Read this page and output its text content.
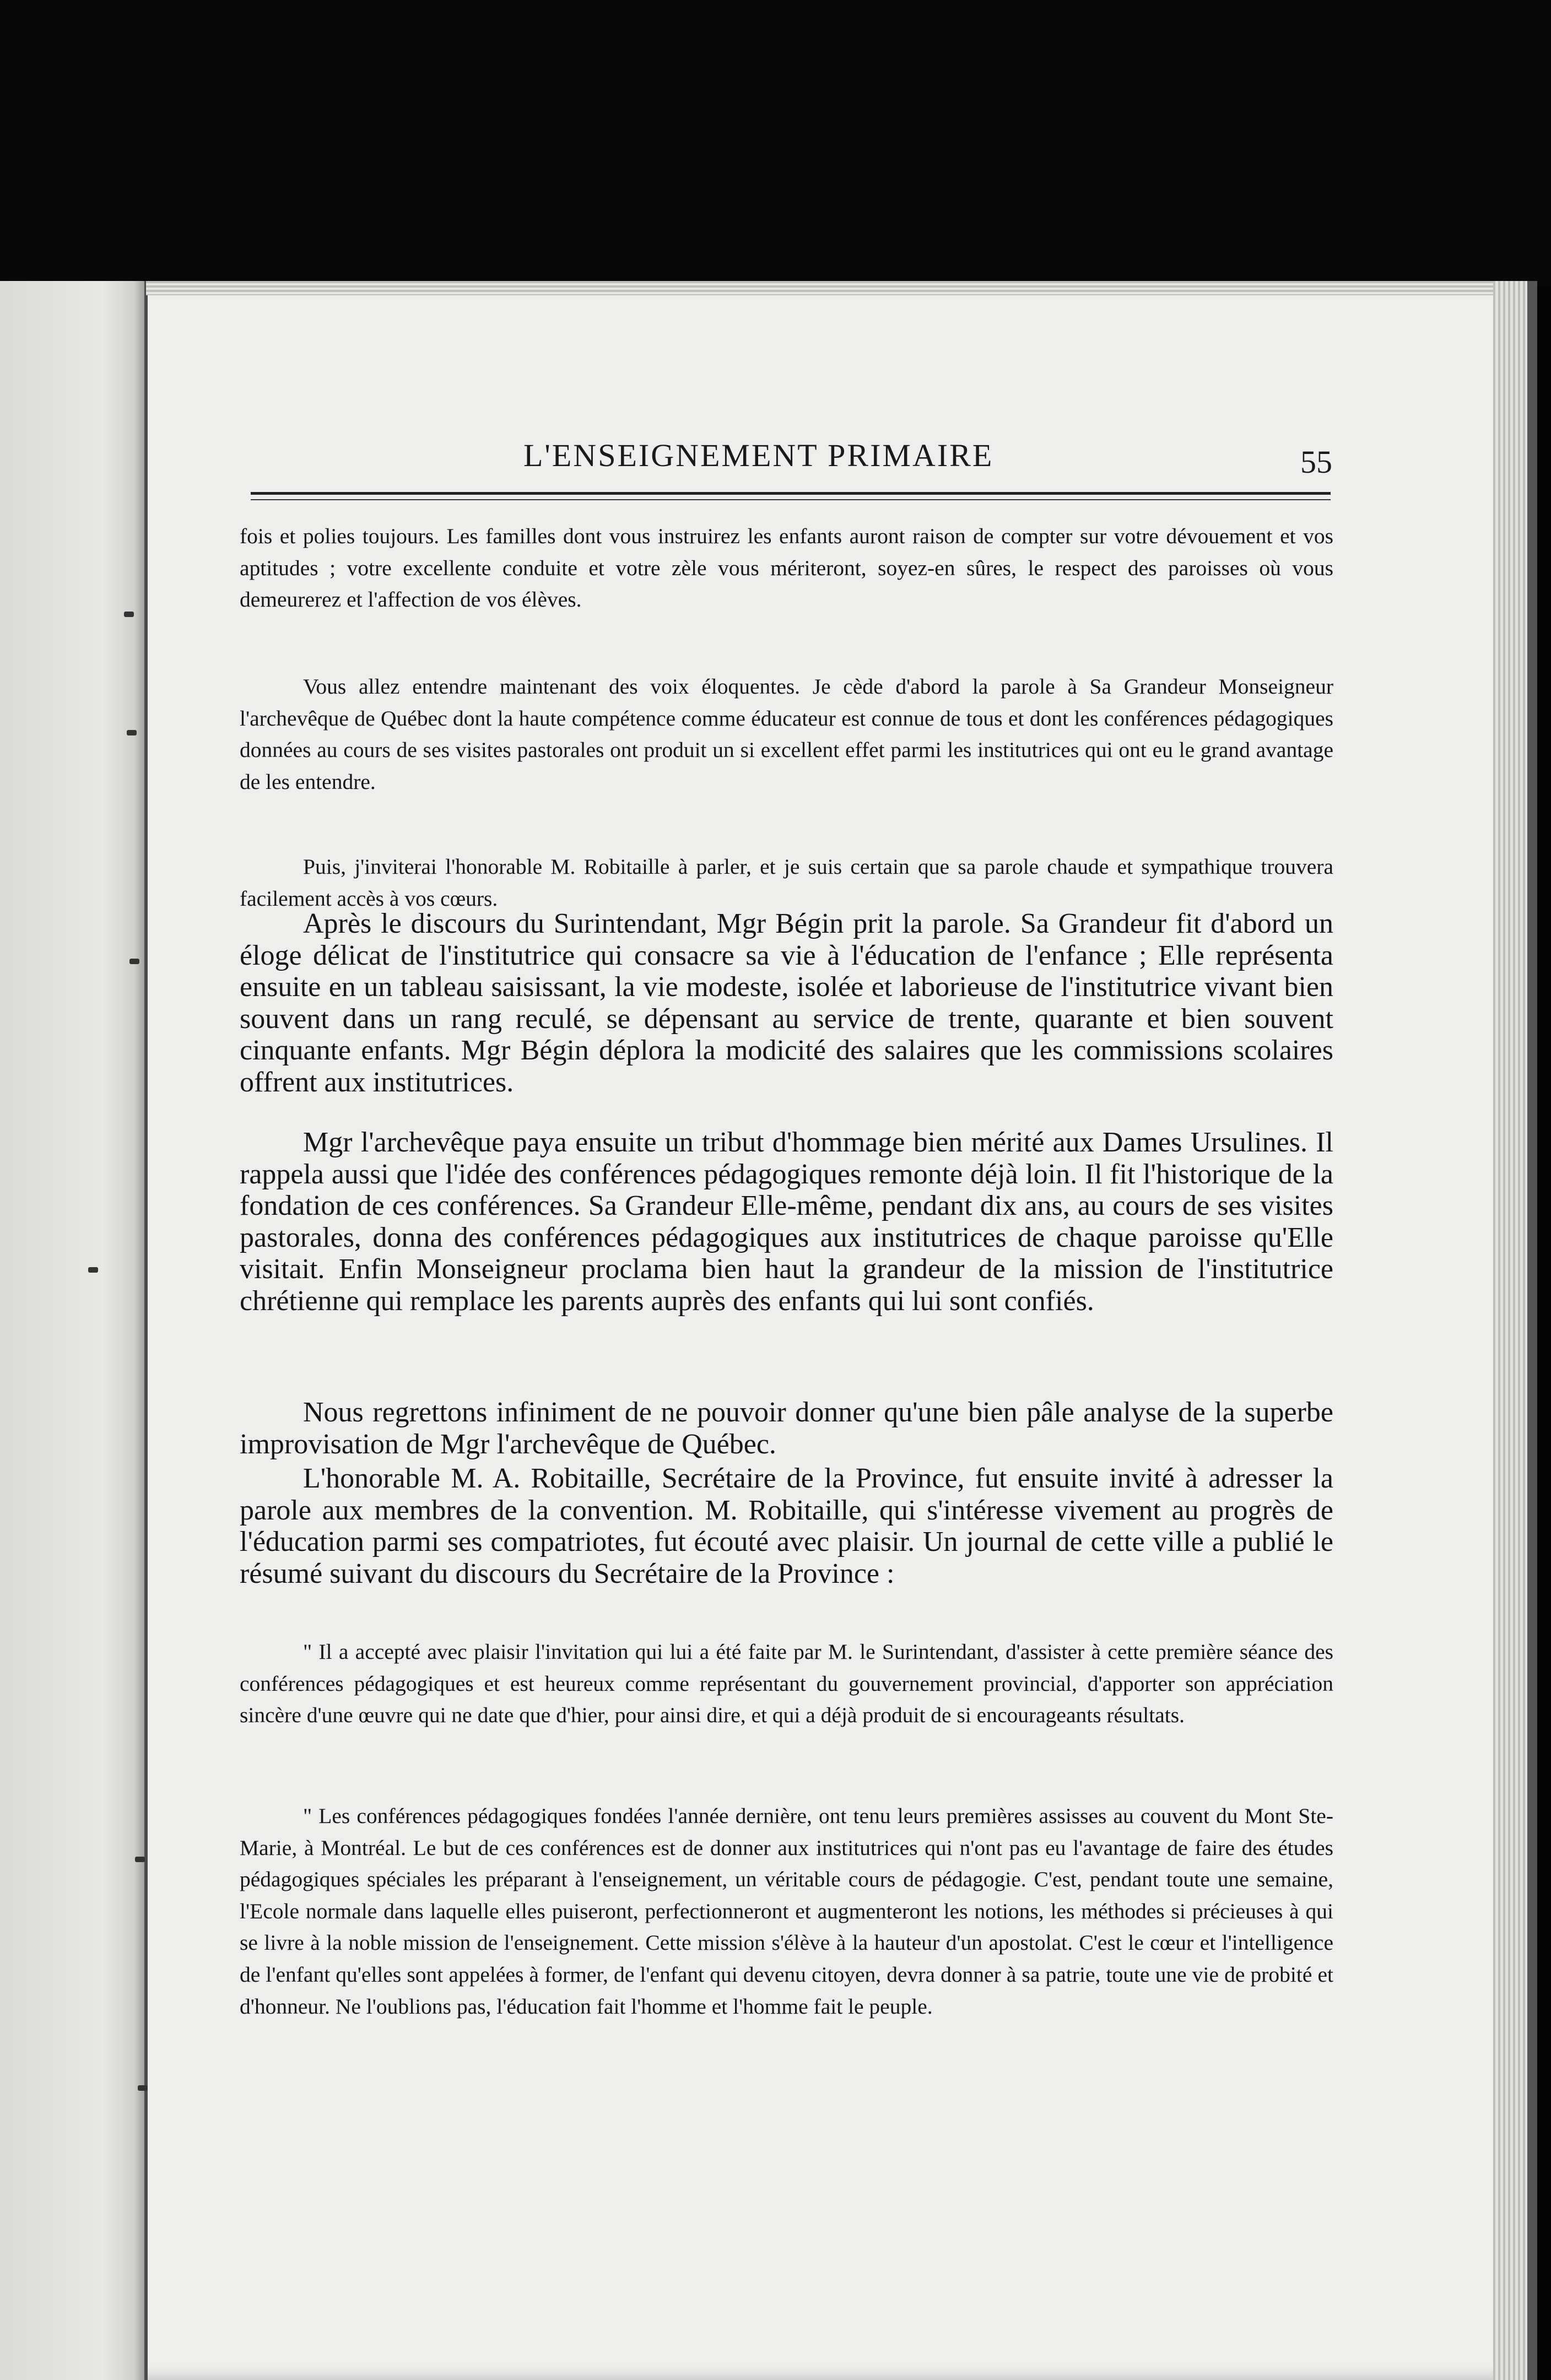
L'ENSEIGNEMENT PRIMAIRE	55

fois et polies toujours. Les familles dont vous instruirez les enfants auront raison de compter sur votre dévouement et vos aptitudes ; votre excellente conduite et votre zèle vous mériteront, soyez-en sûres, le respect des paroisses où vous demeurerez et l'affection de vos élèves.

Vous allez entendre maintenant des voix éloquentes. Je cède d'abord la parole à Sa Grandeur Monseigneur l'archevêque de Québec dont la haute compétence comme éducateur est connue de tous et dont les conférences pédagogiques données au cours de ses visites pastorales ont produit un si excellent effet parmi les institutrices qui ont eu le grand avantage de les entendre.

Puis, j'inviterai l'honorable M. Robitaille à parler, et je suis certain que sa parole chaude et sympathique trouvera facilement accès à vos cœurs.

Après le discours du Surintendant, Mgr Bégin prit la parole. Sa Grandeur fit d'abord un éloge délicat de l'institutrice qui consacre sa vie à l'éducation de l'enfance ; Elle représenta ensuite en un tableau saisissant, la vie modeste, isolée et laborieuse de l'institutrice vivant bien souvent dans un rang reculé, se dépensant au service de trente, quarante et bien souvent cinquante enfants. Mgr Bégin déplora la modicité des salaires que les commissions scolaires offrent aux institutrices.

Mgr l'archevêque paya ensuite un tribut d'hommage bien mérité aux Dames Ursulines. Il rappela aussi que l'idée des conférences pédagogiques remonte déjà loin. Il fit l'historique de la fondation de ces conférences. Sa Grandeur Elle-même, pendant dix ans, au cours de ses visites pastorales, donna des conférences pédagogiques aux institutrices de chaque paroisse qu'Elle visitait. Enfin Monseigneur proclama bien haut la grandeur de la mission de l'institutrice chrétienne qui remplace les parents auprès des enfants qui lui sont confiés.

Nous regrettons infiniment de ne pouvoir donner qu'une bien pâle analyse de la superbe improvisation de Mgr l'archevêque de Québec.

L'honorable M. A. Robitaille, Secrétaire de la Province, fut ensuite invité à adresser la parole aux membres de la convention. M. Robitaille, qui s'intéresse vivement au progrès de l'éducation parmi ses compatriotes, fut écouté avec plaisir. Un journal de cette ville a publié le résumé suivant du discours du Secrétaire de la Province :

" Il a accepté avec plaisir l'invitation qui lui a été faite par M. le Surintendant, d'assister à cette première séance des conférences pédagogiques et est heureux comme représentant du gouvernement provincial, d'apporter son appréciation sincère d'une œuvre qui ne date que d'hier, pour ainsi dire, et qui a déjà produit de si encourageants résultats.

" Les conférences pédagogiques fondées l'année dernière, ont tenu leurs premières assisses au couvent du Mont Ste-Marie, à Montréal. Le but de ces conférences est de donner aux institutrices qui n'ont pas eu l'avantage de faire des études pédagogiques spéciales les préparant à l'enseignement, un véritable cours de pédagogie. C'est, pendant toute une semaine, l'Ecole normale dans laquelle elles puiseront, perfectionneront et augmenteront les notions, les méthodes si précieuses à qui se livre à la noble mission de l'enseignement. Cette mission s'élève à la hauteur d'un apostolat. C'est le cœur et l'intelligence de l'enfant qu'elles sont appelées à former, de l'enfant qui devenu citoyen, devra donner à sa patrie, toute une vie de probité et d'honneur. Ne l'oublions pas, l'éducation fait l'homme et l'homme fait le peuple.
